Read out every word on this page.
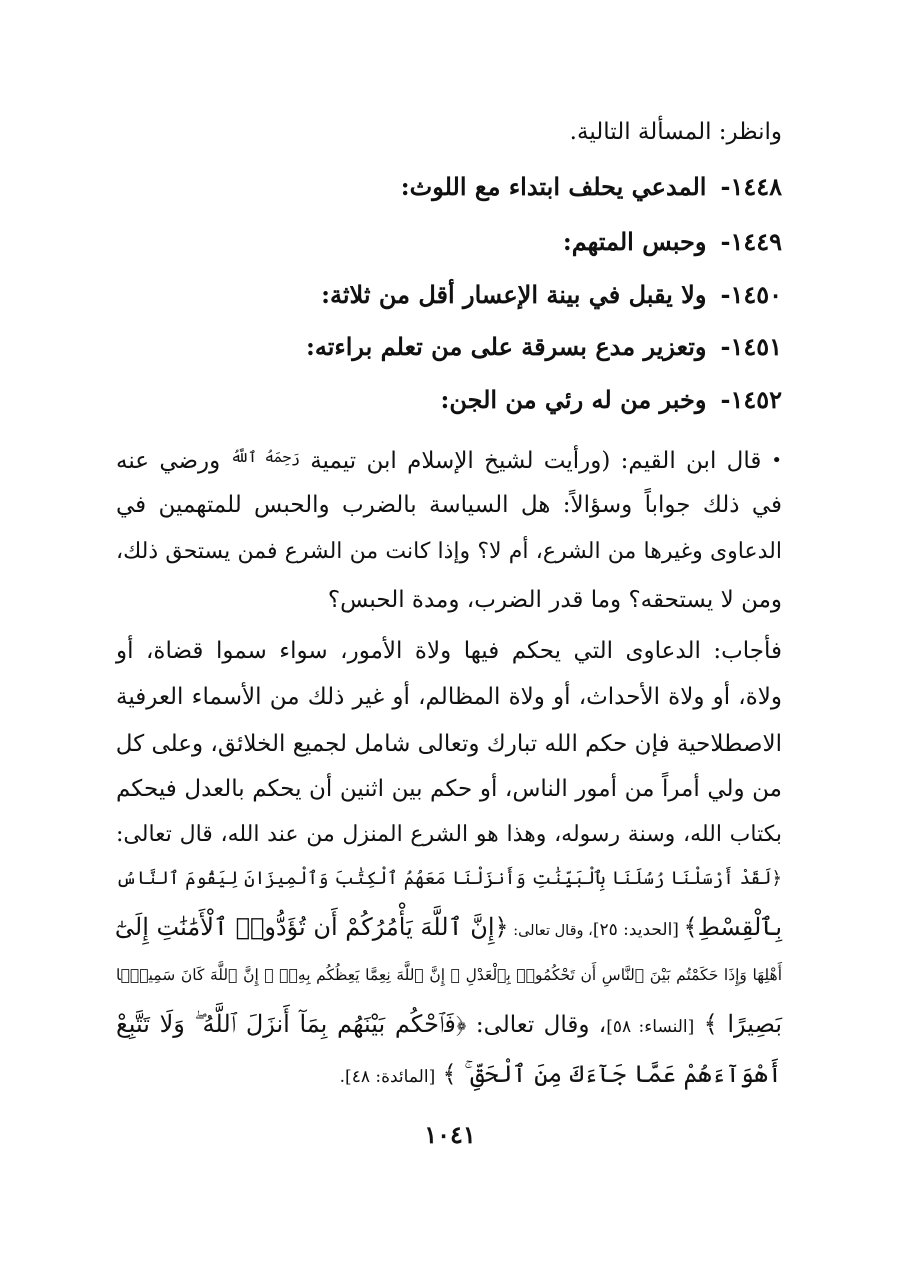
وانظر: المسألة التالية.
١٤٤٨-المدعي يحلف ابتداء مع اللوث:
١٤٤٩-وحبس المتهم:
١٤٥٠-ولا يقبل في بينة الإعسار أقل من ثلاثة:
١٤٥١-وتعزير مدع بسرقة على من تعلم براءته:
١٤٥٢-وخبر من له رئي من الجن:
•قال ابن القيم: (ورأيت لشيخ الإسلام ابن تيمية $^{رَحِمَهُ ٱللَّهُ}$ ورضي عنه
في ذلك جواباً وسؤالاً: هل السياسة بالضرب والحبس للمتهمين في
الدعاوى وغيرها من الشرع، أم لا؟ وإذا كانت من الشرع فمن يستحق ذلك،
ومن لا يستحقه؟ وما قدر الضرب، ومدة الحبس؟
فأجاب: الدعاوى التي يحكم فيها ولاة الأمور، سواء سموا قضاة، أو
ولاة، أو ولاة الأحداث، أو ولاة المظالم، أو غير ذلك من الأسماء العرفية
الاصطلاحية فإن حكم الله تبارك وتعالى شامل لجميع الخلائق، وعلى كل
من ولي أمراً من أمور الناس، أو حكم بين اثنين أن يحكم بالعدل فيحكم
بكتاب الله، وسنة رسوله، وهذا هو الشرع المنزل من عند الله، قال تعالى:
﴿لَقَدْ أَرْسَلْنَا رُسُلَنَا بِٱلْبَيِّنَٰتِ وَأَنزَلْنَا مَعَهُمُ ٱلْكِتَٰبَ وَٱلْمِيزَانَ لِيَقُومَ ٱلنَّاسُ
بِٱلْقِسْطِ﴾ [الحديد: ٢٥]، وقال تعالى: ﴿إِنَّ ٱللَّهَ يَأْمُرُكُمْ أَن تُؤَدُّوا۟ ٱلْأَمَٰنَٰتِ إِلَىٰٓ
أَهْلِهَا وَإِذَا حَكَمْتُم بَيْنَ ٱلنَّاسِ أَن تَحْكُمُوا۟ بِٱلْعَدْلِ ۚ إِنَّ ٱللَّهَ نِعِمَّا يَعِظُكُم بِهِۦٓ ۗ إِنَّ ٱللَّهَ كَانَ سَمِيعًۢا
بَصِيرًا ﴾ [النساء: ٥٨]، وقال تعالى: ﴿فَٱحْكُم بَيْنَهُم بِمَآ أَنزَلَ ٱللَّهُ ۖ وَلَا تَتَّبِعْ
أَهْوَآءَهُمْ عَمَّا جَآءَكَ مِنَ ٱلْحَقِّ ۚ ﴾ [المائدة: ٤٨].
١٠٤١
